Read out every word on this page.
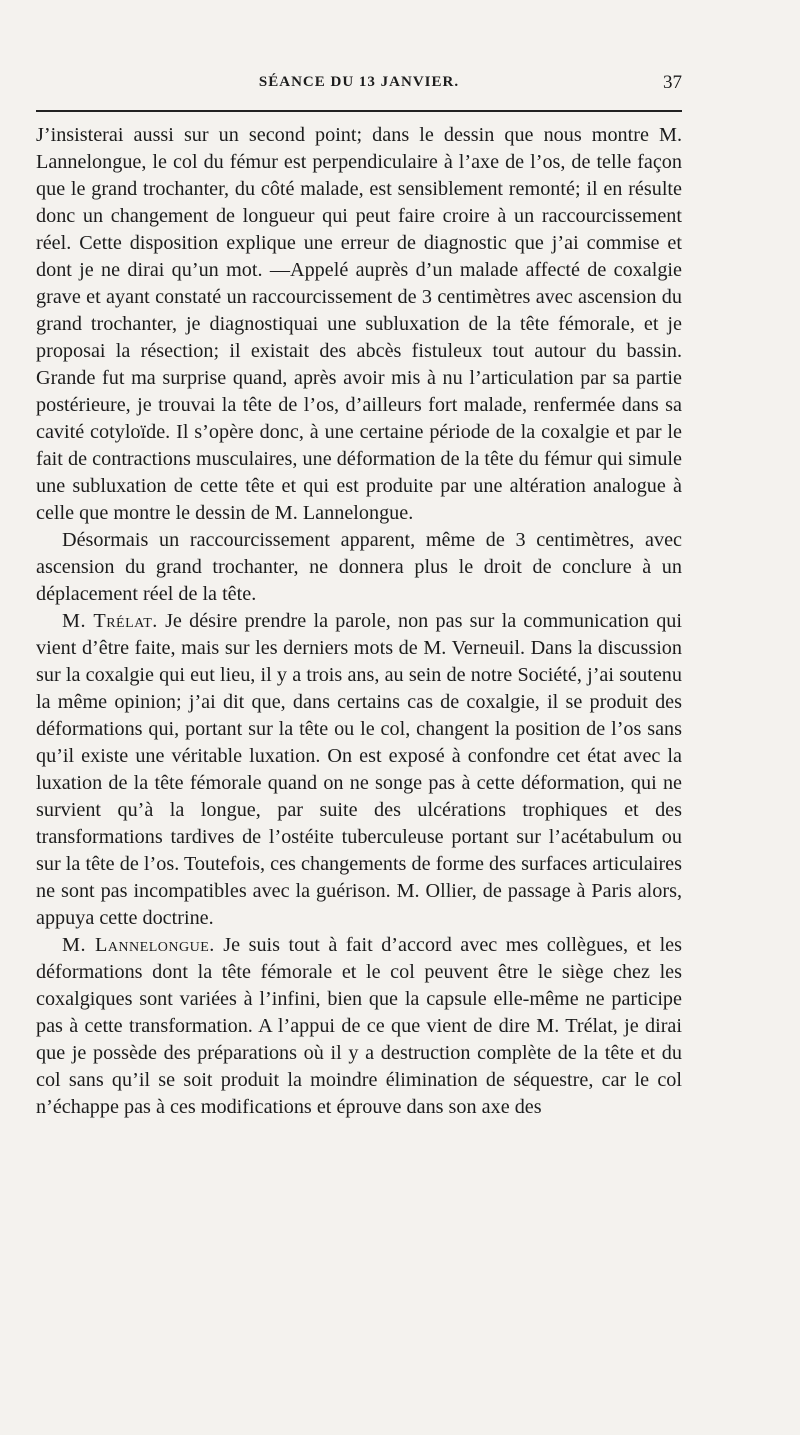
SÉANCE DU 13 JANVIER.	37

J’insisterai aussi sur un second point; dans le dessin que nous montre M. Lannelongue, le col du fémur est perpendiculaire à l’axe de l’os, de telle façon que le grand trochanter, du côté malade, est sensiblement remonté; il en résulte donc un changement de longueur qui peut faire croire à un raccourcissement réel. Cette disposition explique une erreur de diagnostic que j’ai commise et dont je ne dirai qu’un mot. —Appelé auprès d’un malade affecté de coxalgie grave et ayant constaté un raccourcissement de 3 centimètres avec ascension du grand trochanter, je diagnostiquai une subluxation de la tête fémorale, et je proposai la résection; il existait des abcès fistuleux tout autour du bassin. Grande fut ma surprise quand, après avoir mis à nu l’articulation par sa partie postérieure, je trouvai la tête de l’os, d’ailleurs fort malade, renfermée dans sa cavité cotyloïde. Il s’opère donc, à une certaine période de la coxalgie et par le fait de contractions musculaires, une déformation de la tête du fémur qui simule une subluxation de cette tête et qui est produite par une altération analogue à celle que montre le dessin de M. Lannelongue.

Désormais un raccourcissement apparent, même de 3 centimètres, avec ascension du grand trochanter, ne donnera plus le droit de conclure à un déplacement réel de la tête.

M. Trélat. Je désire prendre la parole, non pas sur la communication qui vient d’être faite, mais sur les derniers mots de M. Verneuil. Dans la discussion sur la coxalgie qui eut lieu, il y a trois ans, au sein de notre Société, j’ai soutenu la même opinion; j’ai dit que, dans certains cas de coxalgie, il se produit des déformations qui, portant sur la tête ou le col, changent la position de l’os sans qu’il existe une véritable luxation. On est exposé à confondre cet état avec la luxation de la tête fémorale quand on ne songe pas à cette déformation, qui ne survient qu’à la longue, par suite des ulcérations trophiques et des transformations tardives de l’ostéite tuberculeuse portant sur l’acétabulum ou sur la tête de l’os. Toutefois, ces changements de forme des surfaces articulaires ne sont pas incompatibles avec la guérison. M. Ollier, de passage à Paris alors, appuya cette doctrine.

M. Lannelongue. Je suis tout à fait d’accord avec mes collègues, et les déformations dont la tête fémorale et le col peuvent être le siège chez les coxalgiques sont variées à l’infini, bien que la capsule elle-même ne participe pas à cette transformation. A l’appui de ce que vient de dire M. Trélat, je dirai que je possède des préparations où il y a destruction complète de la tête et du col sans qu’il se soit produit la moindre élimination de séquestre, car le col n’échappe pas à ces modifications et éprouve dans son axe des
